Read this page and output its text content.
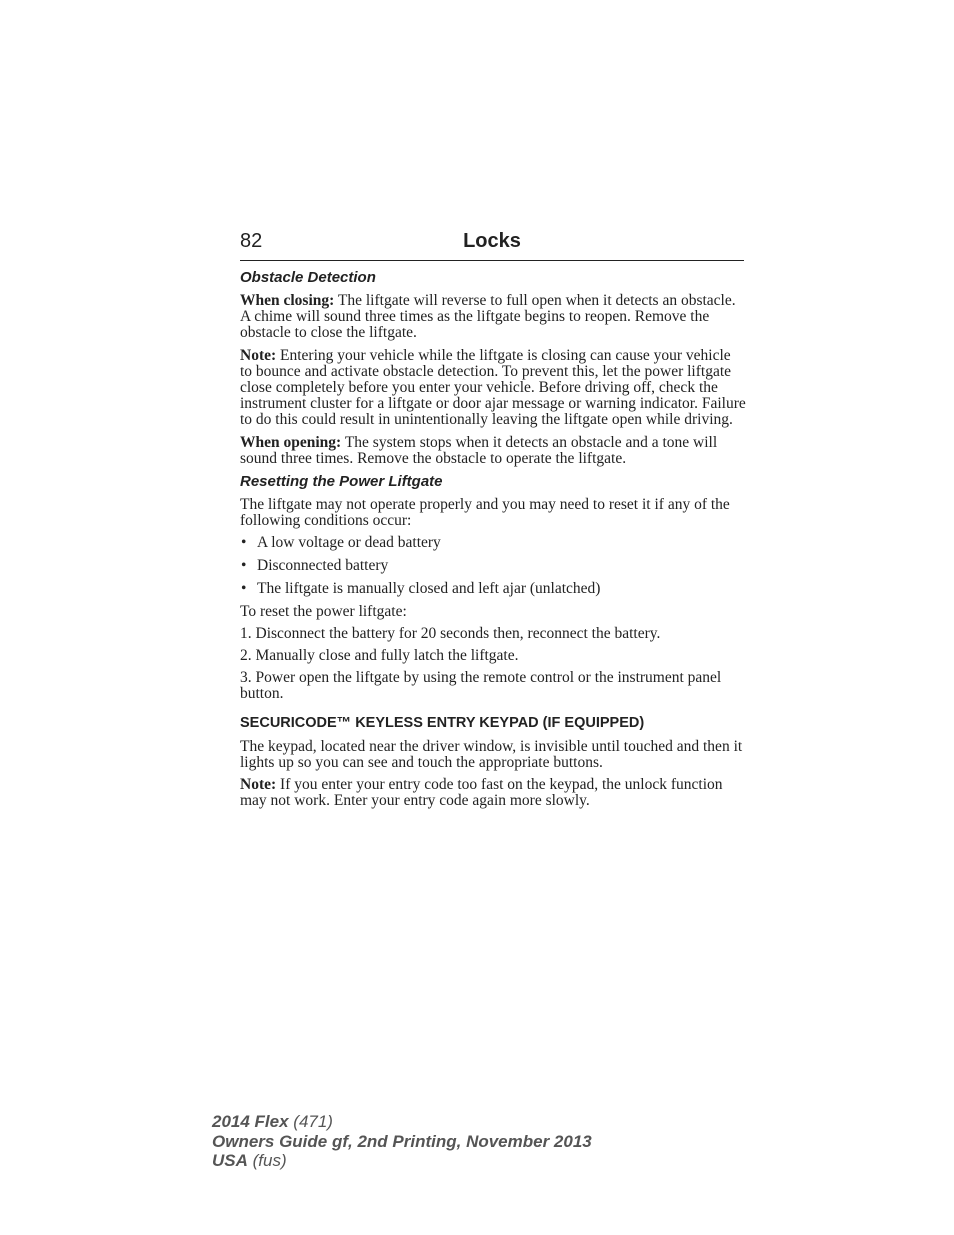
82	Locks
Obstacle Detection

When closing: The liftgate will reverse to full open when it detects an obstacle. A chime will sound three times as the liftgate begins to reopen. Remove the obstacle to close the liftgate.

Note: Entering your vehicle while the liftgate is closing can cause your vehicle to bounce and activate obstacle detection. To prevent this, let the power liftgate close completely before you enter your vehicle. Before driving off, check the instrument cluster for a liftgate or door ajar message or warning indicator. Failure to do this could result in unintentionally leaving the liftgate open while driving.

When opening: The system stops when it detects an obstacle and a tone will sound three times. Remove the obstacle to operate the liftgate.

Resetting the Power Liftgate

The liftgate may not operate properly and you may need to reset it if any of the following conditions occur:

• A low voltage or dead battery
• Disconnected battery
• The liftgate is manually closed and left ajar (unlatched)

To reset the power liftgate:

1. Disconnect the battery for 20 seconds then, reconnect the battery.
2. Manually close and fully latch the liftgate.
3. Power open the liftgate by using the remote control or the instrument panel button.
SECURICODE™ KEYLESS ENTRY KEYPAD (IF EQUIPPED)

The keypad, located near the driver window, is invisible until touched and then it lights up so you can see and touch the appropriate buttons.

Note: If you enter your entry code too fast on the keypad, the unlock function may not work. Enter your entry code again more slowly.

2014 Flex (471)
Owners Guide gf, 2nd Printing, November 2013
USA (fus)
